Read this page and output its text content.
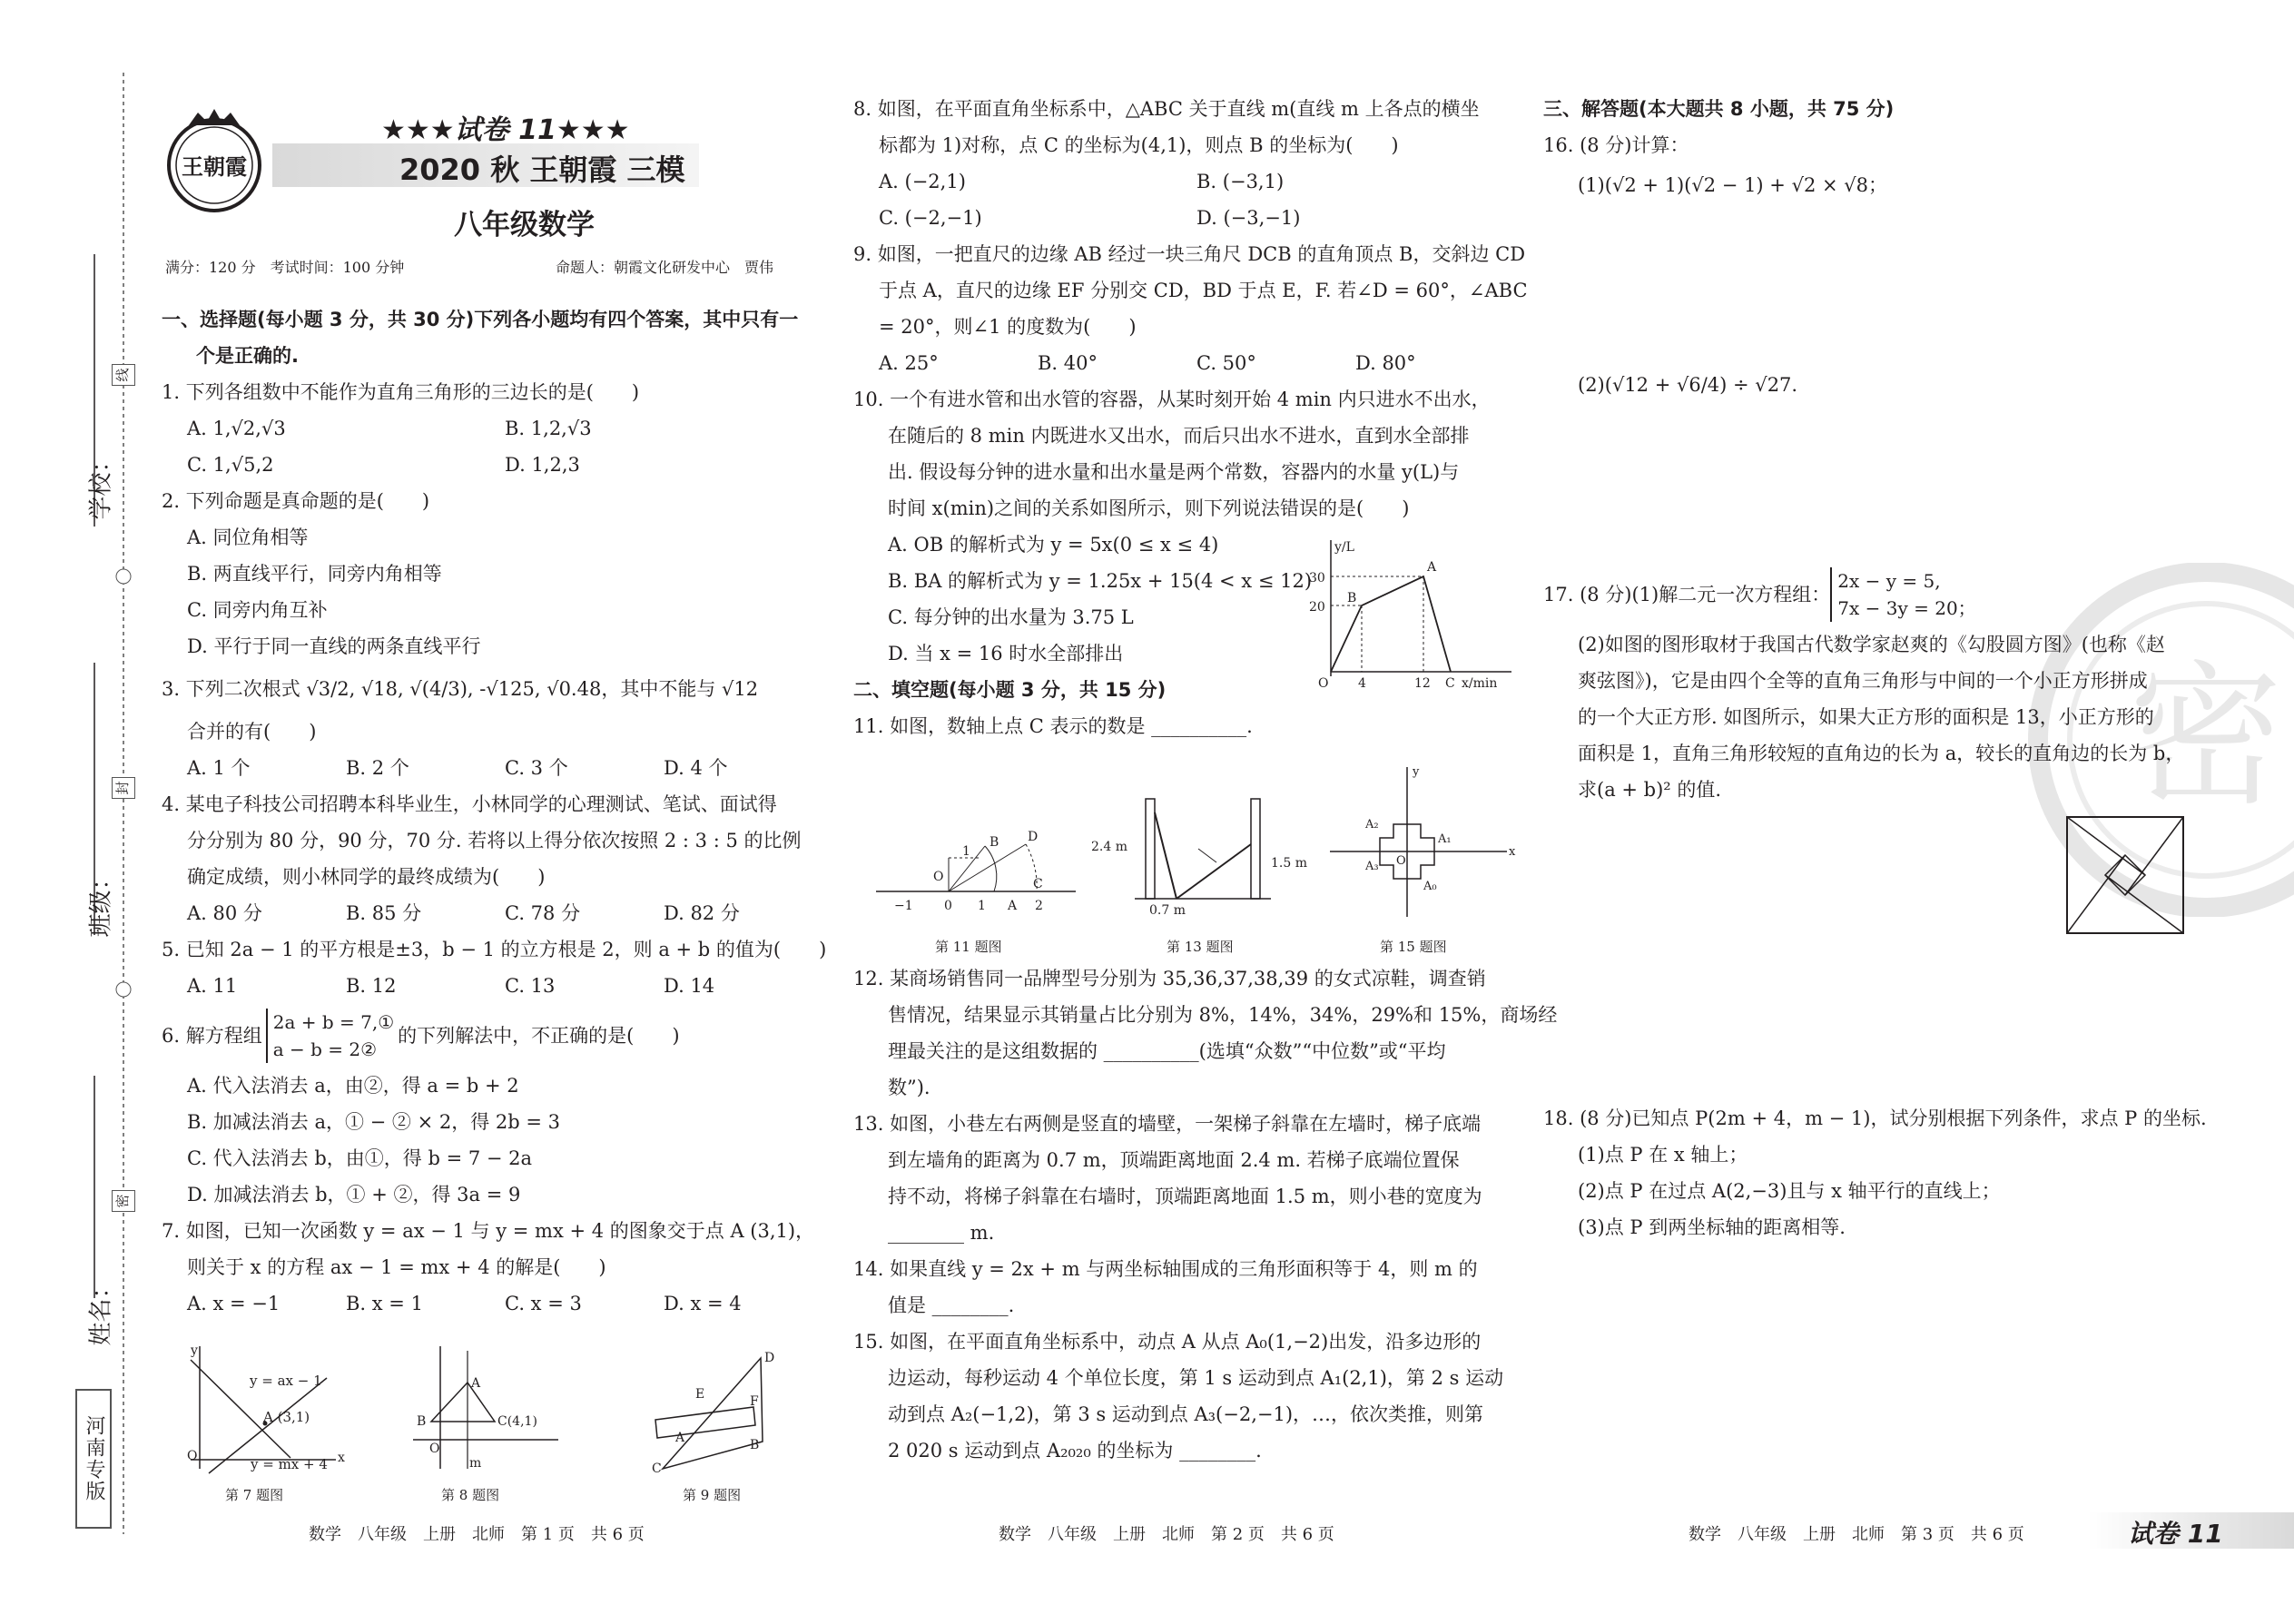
学校：
班级：
姓名：
线
封
密
河南专版
王朝霞
★★★试卷 11★★★
2020 秋 王朝霞 三模
八年级数学
满分：120 分　考试时间：100 分钟	命题人：朝霞文化研发中心　贾伟

一、选择题(每小题 3 分，共 30 分)下列各小题均有四个答案，其中只有一

个是正确的.

1. 下列各组数中不能作为直角三角形的三边长的是(　　)

A. 1,√2,√3	B. 1,2,√3
C. 1,√5,2	D. 1,2,3

2. 下列命题是真命题的是(　　)

A. 同位角相等

B. 两直线平行，同旁内角相等

C. 同旁内角互补

D. 平行于同一直线的两条直线平行

3. 下列二次根式 √3/2, √18, √(4/3), -√125, √0.48，其中不能与 √12

合并的有(　　)

A. 1 个	B. 2 个	C. 3 个	D. 4 个

4. 某电子科技公司招聘本科毕业生，小林同学的心理测试、笔试、面试得

分分别为 80 分，90 分，70 分. 若将以上得分依次按照 2 : 3 : 5 的比例

确定成绩，则小林同学的最终成绩为(　　)

A. 80 分	B. 85 分	C. 78 分	D. 82 分

5. 已知 2a − 1 的平方根是±3，b − 1 的立方根是 2，则 a + b 的值为(　　)

A. 11	B. 12	C. 13	D. 14
6. 解方程组
2a + b = 7,①
a − b = 2②
的下列解法中，不正确的是(　　)

A. 代入法消去 a，由②，得 a = b + 2

B. 加减法消去 a，① − ② × 2，得 2b = 3

C. 代入法消去 b，由①，得 b = 7 − 2a

D. 加减法消去 b，① + ②，得 3a = 9

7. 如图，已知一次函数 y = ax − 1 与 y = mx + 4 的图象交于点 A (3,1)，

则关于 x 的方程 ax − 1 = mx + 4 的解是(　　)

A. x = −1	B. x = 1	C. x = 3	D. x = 4
y = ax − 1
y = mx + 4
A (3,1)
O	x
y
B
A
C(4,1)
O
m	C
D
B
E	F
A
第 7 题图	第 8 题图	第 9 题图
数学　八年级　上册　北师　第 1 页　共 6 页

8. 如图，在平面直角坐标系中，△ABC 关于直线 m(直线 m 上各点的横坐

标都为 1)对称，点 C 的坐标为(4,1)，则点 B 的坐标为(　　)

A. (−2,1)	B. (−3,1)
C. (−2,−1)	D. (−3,−1)

9. 如图，一把直尺的边缘 AB 经过一块三角尺 DCB 的直角顶点 B，交斜边 CD

于点 A，直尺的边缘 EF 分别交 CD，BD 于点 E，F. 若∠D = 60°，∠ABC

= 20°，则∠1 的度数为(　　)

A. 25°	B. 40°	C. 50°	D. 80°

10. 一个有进水管和出水管的容器，从某时刻开始 4 min 内只进水不出水，

在随后的 8 min 内既进水又出水，而后只出水不进水，直到水全部排

出. 假设每分钟的进水量和出水量是两个常数，容器内的水量 y(L)与

时间 x(min)之间的关系如图所示，则下列说法错误的是(　　)

A. OB 的解析式为 y = 5x(0 ≤ x ≤ 4)

B. BA 的解析式为 y = 1.25x + 15(4 < x ≤ 12)

C. 每分钟的出水量为 3.75 L

D. 当 x = 16 时水全部排出

二、填空题(每小题 3 分，共 15 分)

11. 如图，数轴上点 C 表示的数是 __________.

y/L
30
20
O 4	12 C x/min
B
A
−1 0 1 A 2
B D
C
O
1	2.4 m
1.5 m
0.7 m
A₂
A₁
A₃
A₀
O
x
y
第 11 题图	第 13 题图	第 15 题图

12. 某商场销售同一品牌型号分别为 35,36,37,38,39 的女式凉鞋，调查销

售情况，结果显示其销量占比分别为 8%，14%，34%，29%和 15%，商场经

理最关注的是这组数据的 __________(选填“众数”“中位数”或“平均

数”).

13. 如图，小巷左右两侧是竖直的墙壁，一架梯子斜靠在左墙时，梯子底端

到左墙角的距离为 0.7 m，顶端距离地面 2.4 m. 若梯子底端位置保

持不动，将梯子斜靠在右墙时，顶端距离地面 1.5 m，则小巷的宽度为

________ m.

14. 如果直线 y = 2x + m 与两坐标轴围成的三角形面积等于 4，则 m 的

值是 ________.

15. 如图，在平面直角坐标系中，动点 A 从点 A₀(1,−2)出发，沿多边形的

边运动，每秒运动 4 个单位长度，第 1 s 运动到点 A₁(2,1)，第 2 s 运动

动到点 A₂(−1,2)，第 3 s 运动到点 A₃(−2,−1)，…，依次类推，则第

2 020 s 运动到点 A₂₀₂₀ 的坐标为 ________.

数学　八年级　上册　北师　第 2 页　共 6 页
密

三、解答题(本大题共 8 小题，共 75 分)

16. (8 分)计算：

(1)(√2 + 1)(√2 − 1) + √2 × √8；

(2)(√12 + √6/4) ÷ √27.
17. (8 分)(1)解二元一次方程组：
2x − y = 5,
7x − 3y = 20；

(2)如图的图形取材于我国古代数学家赵爽的《勾股圆方图》(也称《赵

爽弦图》)，它是由四个全等的直角三角形与中间的一个小正方形拼成

的一个大正方形. 如图所示，如果大正方形的面积是 13，小正方形的

面积是 1，直角三角形较短的直角边的长为 a，较长的直角边的长为 b，

求(a + b)² 的值.

18. (8 分)已知点 P(2m + 4，m − 1)，试分别根据下列条件，求点 P 的坐标.

(1)点 P 在 x 轴上；

(2)点 P 在过点 A(2,−3)且与 x 轴平行的直线上；

(3)点 P 到两坐标轴的距离相等.

数学　八年级　上册　北师　第 3 页　共 6 页	试卷 11
